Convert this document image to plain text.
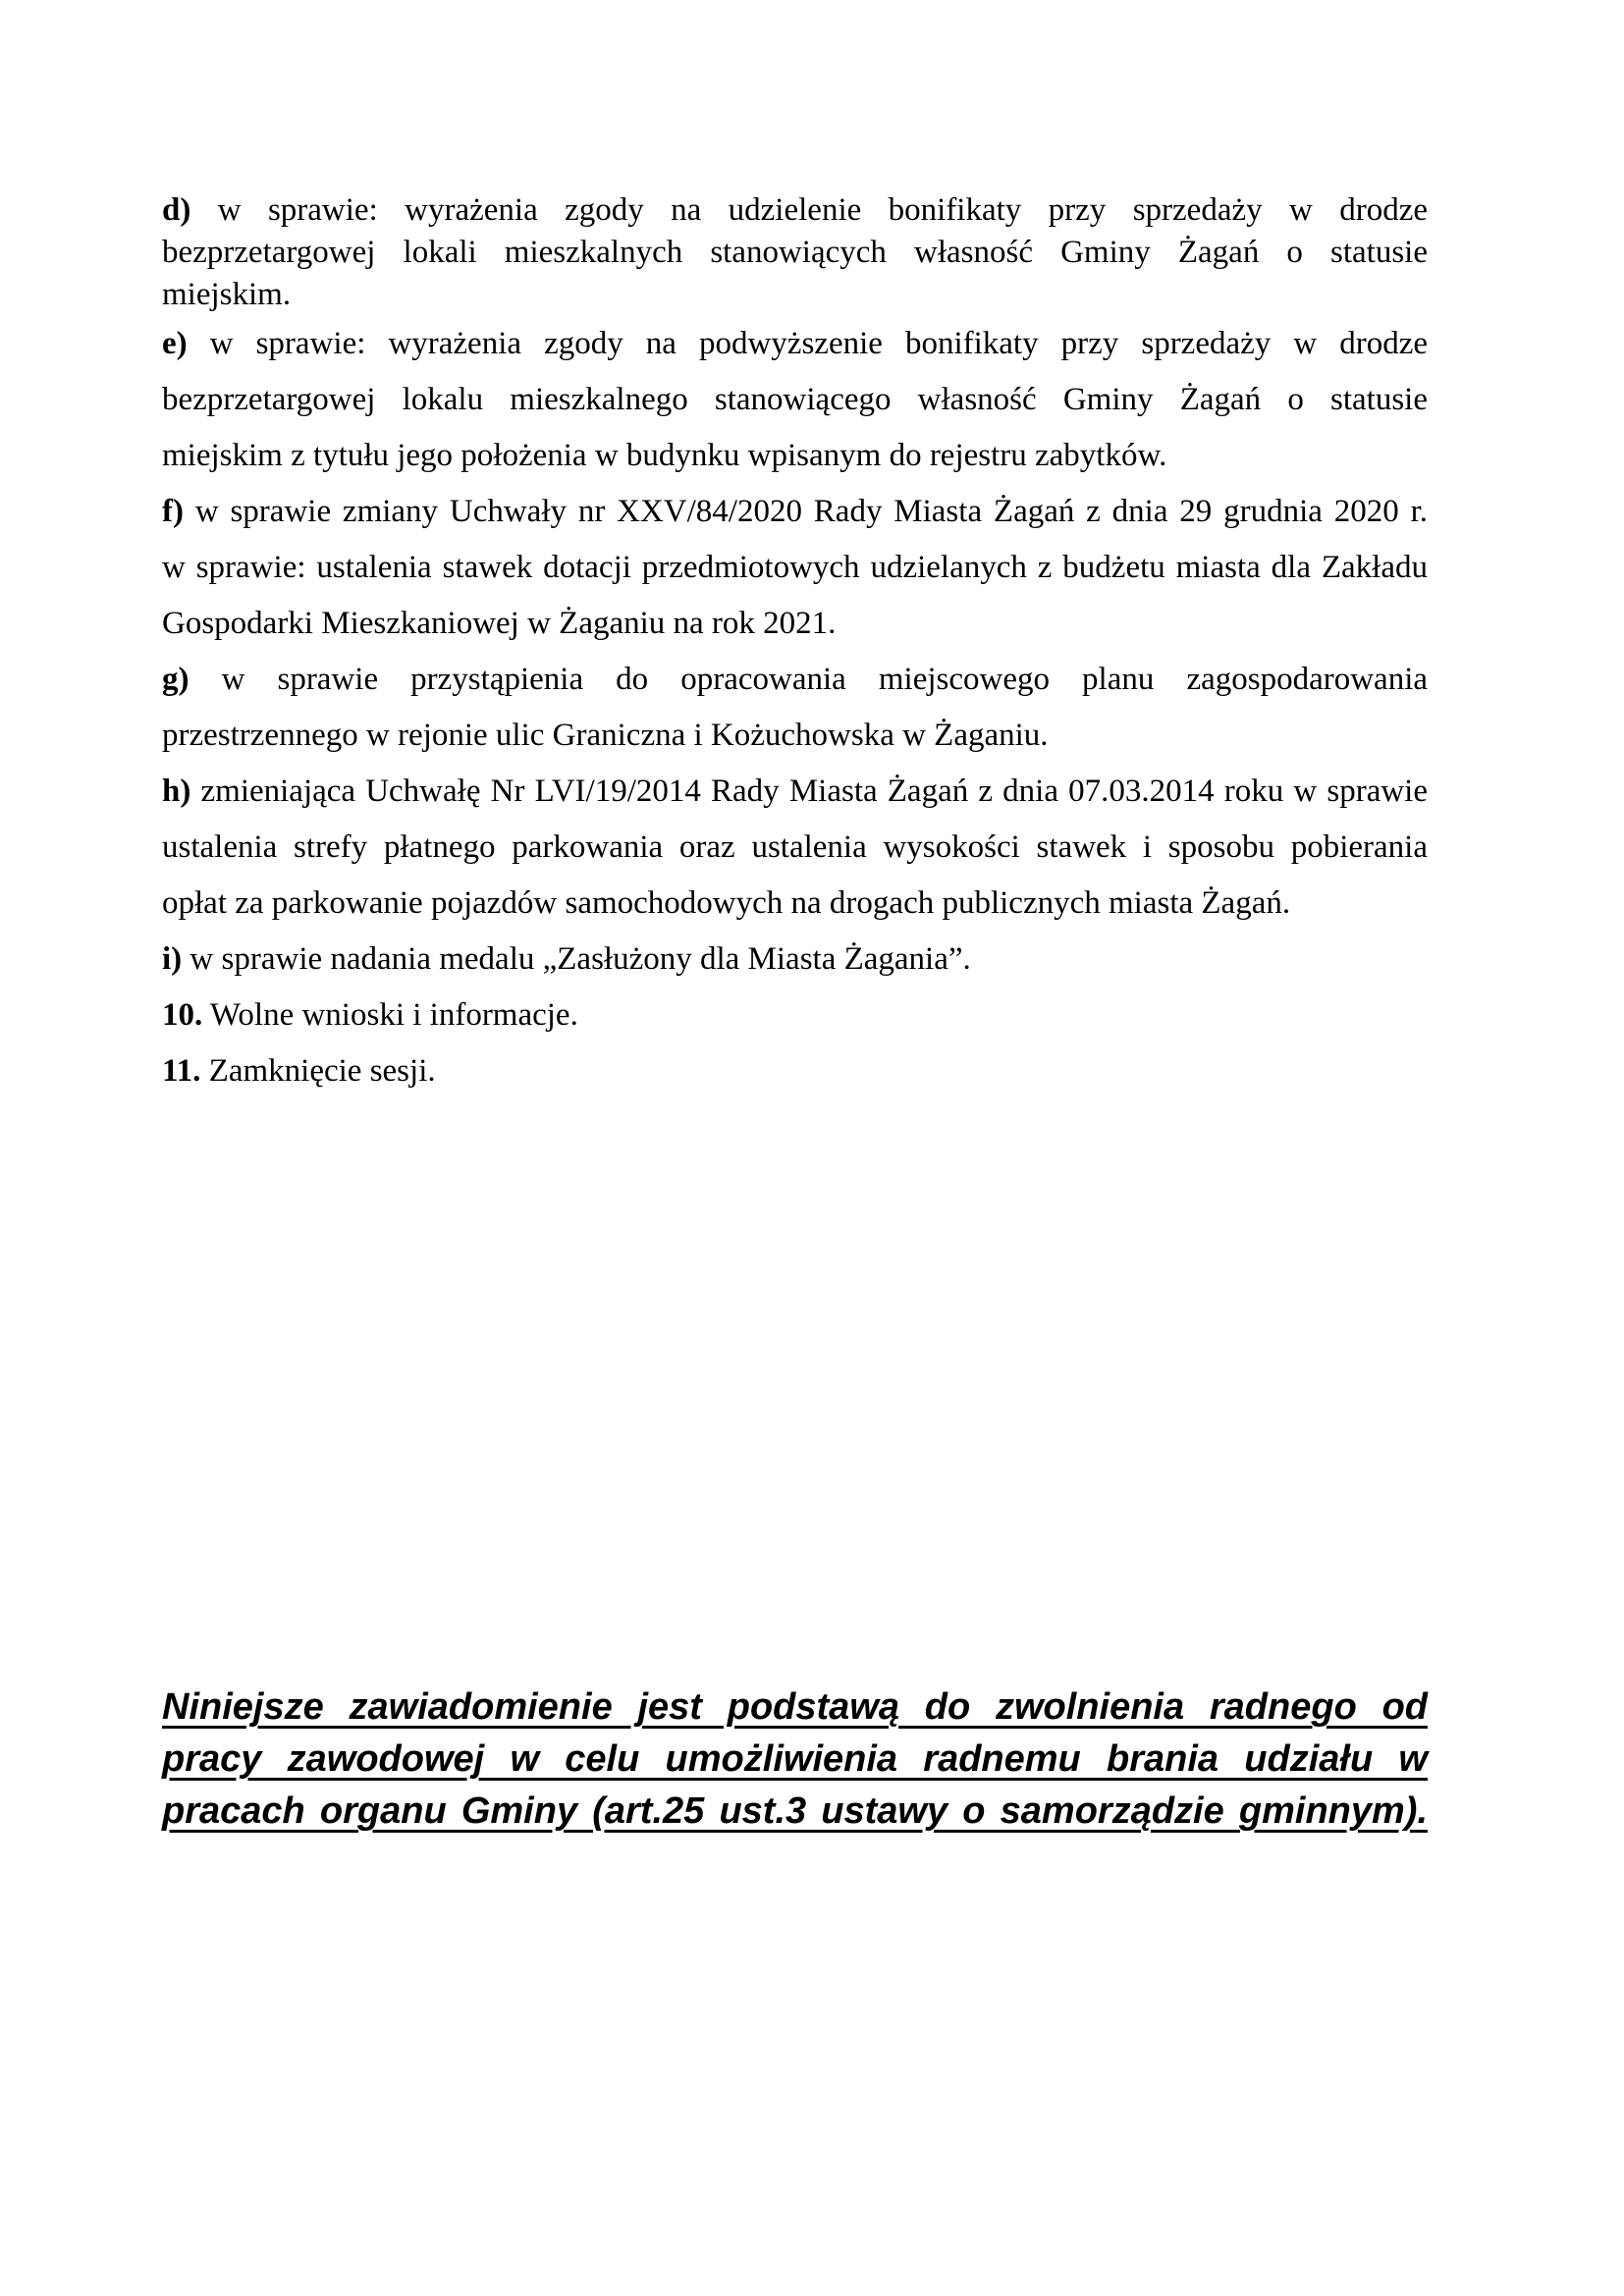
d) w sprawie: wyrażenia zgody na udzielenie bonifikaty przy sprzedaży w drodze
bezprzetargowej lokali mieszkalnych stanowiących własność Gminy Żagań o statusie
miejskim.
e) w sprawie: wyrażenia zgody na podwyższenie bonifikaty przy sprzedaży w drodze
bezprzetargowej lokalu mieszkalnego stanowiącego własność Gminy Żagań o statusie
miejskim z tytułu jego położenia w budynku wpisanym do rejestru zabytków.
f) w sprawie zmiany Uchwały nr XXV/84/2020 Rady Miasta Żagań z dnia 29 grudnia 2020 r.
w sprawie: ustalenia stawek dotacji przedmiotowych udzielanych z budżetu miasta dla Zakładu
Gospodarki Mieszkaniowej w Żaganiu na rok 2021.
g) w sprawie przystąpienia do opracowania miejscowego planu zagospodarowania
przestrzennego w rejonie ulic Graniczna i Kożuchowska w Żaganiu.
h) zmieniająca Uchwałę Nr LVI/19/2014 Rady Miasta Żagań z dnia 07.03.2014 roku w sprawie
ustalenia strefy płatnego parkowania oraz ustalenia wysokości stawek i sposobu pobierania
opłat za parkowanie pojazdów samochodowych na drogach publicznych miasta Żagań.
i) w sprawie nadania medalu „Zasłużony dla Miasta Żagania”.
10. Wolne wnioski i informacje.
11. Zamknięcie sesji.
Niniejsze zawiadomienie jest podstawą do zwolnienia radnego od
pracy zawodowej w celu umożliwienia radnemu brania udziału w
pracach organu Gminy (art.25 ust.3 ustawy o samorządzie gminnym).
